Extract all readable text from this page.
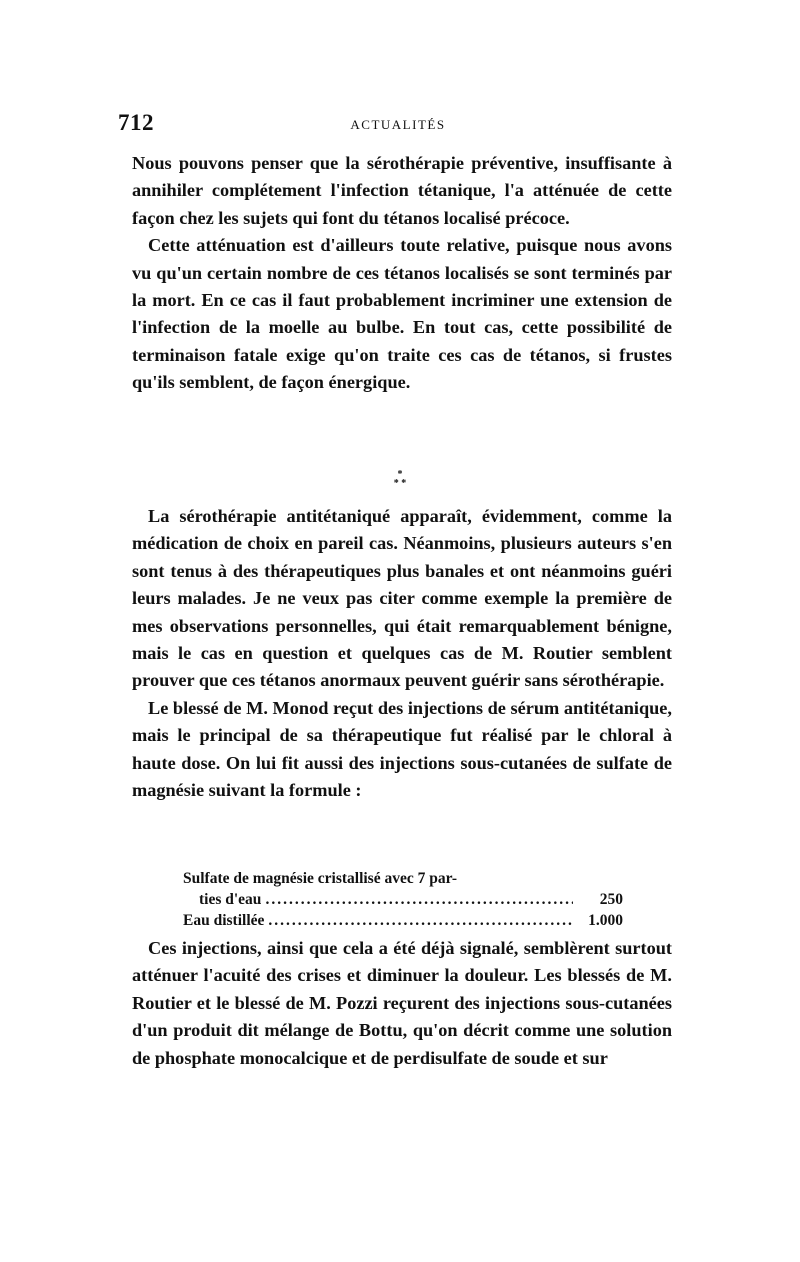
712	ACTUALITÉS

Nous pouvons penser que la sérothérapie préventive, insuffisante à annihiler complétement l'infection tétanique, l'a atténuée de cette façon chez les sujets qui font du tétanos localisé précoce.

Cette atténuation est d'ailleurs toute relative, puisque nous avons vu qu'un certain nombre de ces tétanos localisés se sont terminés par la mort. En ce cas il faut probablement incriminer une extension de l'infection de la moelle au bulbe. En tout cas, cette possibilité de terminaison fatale exige qu'on traite ces cas de tétanos, si frustes qu'ils semblent, de façon énergique.

*
* *

La sérothérapie antitétaniqué apparaît, évidemment, comme la médication de choix en pareil cas. Néanmoins, plusieurs auteurs s'en sont tenus à des thérapeutiques plus banales et ont néanmoins guéri leurs malades. Je ne veux pas citer comme exemple la première de mes observations personnelles, qui était remarquablement bénigne, mais le cas en question et quelques cas de M. Routier semblent prouver que ces tétanos anormaux peuvent guérir sans sérothérapie.

Le blessé de M. Monod reçut des injections de sérum antitétanique, mais le principal de sa thérapeutique fut réalisé par le chloral à haute dose. On lui fit aussi des injections sous-cutanées de sulfate de magnésie suivant la formule :

Sulfate de magnésie cristallisé avec 7 par-
ties d'eau .....	250
Eau distillée .....	1.000

Ces injections, ainsi que cela a été déjà signalé, semblèrent surtout atténuer l'acuité des crises et diminuer la douleur. Les blessés de M. Routier et le blessé de M. Pozzi reçurent des injections sous-cutanées d'un produit dit mélange de Bottu, qu'on décrit comme une solution de phosphate monocalcique et de perdisulfate de soude et sur
